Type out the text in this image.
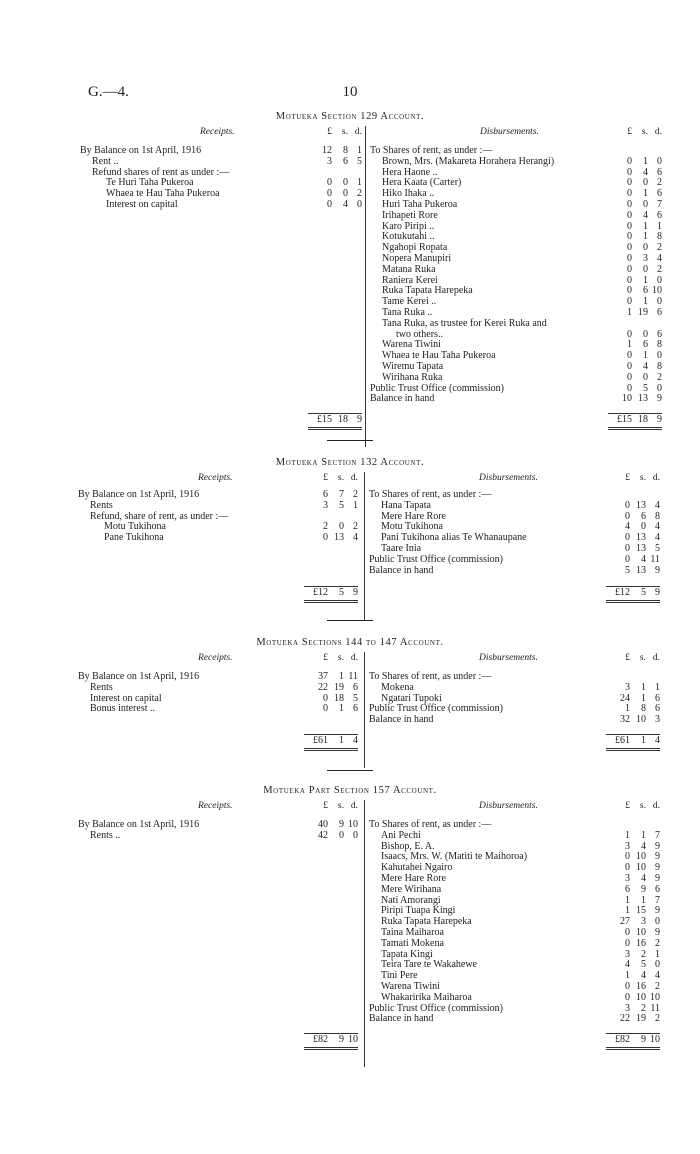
G.—4.	10
Motueka Section 129 Account.
Receipts.	Disbursements.
£ s. d.	£ s. d.
By Balance on 1st April, 1916	12 8 1
Rent ..	3 6 5
Refund shares of rent as under :—
Te Huri Taha Pukeroa	0 0 1
Whaea te Hau Taha Pukeroa	0 0 2
Interest on capital	0 4 0
To Shares of rent, as under :—
Brown, Mrs. (Makareta Horahera Herangi)	0 1 0
Hera Haone ..	0 4 6
Hera Kaata (Carter)	0 0 2
Hiko Ihaka ..	0 1 6
Huri Taha Pukeroa	0 0 7
Irihapeti Rore	0 4 6
Karo Piripi ..	0 1 1
Kotukutahi ..	0 1 8
Ngahopi Ropata	0 0 2
Nopera Manupiri	0 3 4
Matana Ruka	0 0 2
Raniera Kerei	0 1 0
Ruka Tapata Harepeka	0 6 10
Tame Kerei ..	0 1 0
Tana Ruka ..	1 19 6
Tana Ruka, as trustee for Kerei Ruka and
two others..	0 0 6
Warena Tiwini	1 6 8
Whaea te Hau Taha Pukeroa	0 1 0
Wiremu Tapata	0 4 8
Wirihana Ruka	0 0 2
Public Trust Office (commission)	0 5 0
Balance in hand	10 13 9
£15 18 9	£15 18 9
Motueka Section 132 Account.
Receipts.	Disbursements.
£ s. d.	£ s. d.
By Balance on 1st April, 1916	6 7 2
Rents	3 5 1
Refund, share of rent, as under :—
Motu Tukihona	2 0 2
Pane Tukihona	0 13 4
To Shares of rent, as under :—
Hana Tapata	0 13 4
Mere Hare Rore	0 6 8
Motu Tukihona	4 0 4
Pani Tukihona alias Te Whanaupane	0 13 4
Taare Inia	0 13 5
Public Trust Office (commission)	0 4 11
Balance in hand	5 13 9
£12 5 9	£12 5 9
Motueka Sections 144 to 147 Account.
Receipts.	Disbursements.
£ s. d.	£ s. d.
By Balance on 1st April, 1916	37 1 11
Rents	22 19 6
Interest on capital	0 18 5
Bonus interest ..	0 1 6
To Shares of rent, as under :—
Mokena	3 1 1
Ngatari Tupoki	24 1 6
Public Trust Office (commission)	1 8 6
Balance in hand	32 10 3
£61 1 4	£61 1 4
Motueka Part Section 157 Account.
Receipts.	Disbursements.
£ s. d.	£ s. d.
By Balance on 1st April, 1916	40 9 10
Rents ..	42 0 0
To Shares of rent, as under :—
Ani Pechi	1 1 7
Bishop, E. A.	3 4 9
Isaacs, Mrs. W. (Matiti te Maihoroa)	0 10 9
Kahutahei Ngairo	0 10 9
Mere Hare Rore	3 4 9
Mere Wirihana	6 9 6
Nati Amorangi	1 1 7
Piripi Tuapa Kingi	1 15 9
Ruka Tapata Harepeka	27 3 0
Taina Maiharoa	0 10 9
Tamati Mokena	0 16 2
Tapata Kingi	3 2 1
Teira Tare te Wakahewe	4 5 0
Tini Pere	1 4 4
Warena Tiwini	0 16 2
Whakaririka Maiharoa	0 10 10
Public Trust Office (commission)	3 2 11
Balance in hand	22 19 2
£82 9 10	£82 9 10
